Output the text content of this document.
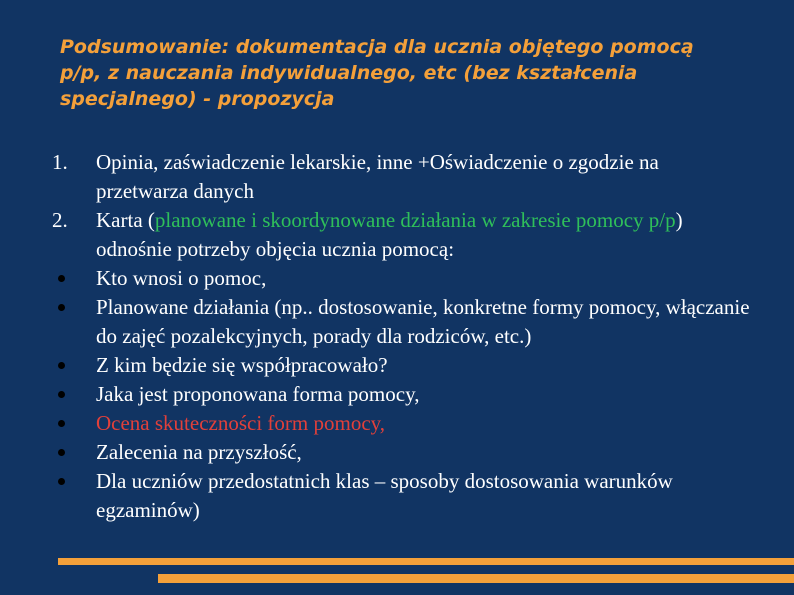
Podsumowanie: dokumentacja dla ucznia objętego pomocą p/p, z nauczania indywidualnego, etc (bez kształcenia specjalnego) - propozycja
1.	Opinia, zaświadczenie lekarskie, inne +Oświadczenie o zgodzie na przetwarza danych
2.	Karta (planowane i skoordynowane działania w zakresie pomocy p/p) odnośnie potrzeby objęcia ucznia pomocą:
Kto wnosi o pomoc,
Planowane działania (np.. dostosowanie, konkretne formy pomocy, włączanie do zajęć pozalekcyjnych, porady dla rodziców, etc.)
Z kim będzie się współpracowało?
Jaka jest proponowana forma pomocy,
Ocena skuteczności form pomocy,
Zalecenia na przyszłość,
Dla uczniów przedostatnich klas – sposoby dostosowania warunków egzaminów)
